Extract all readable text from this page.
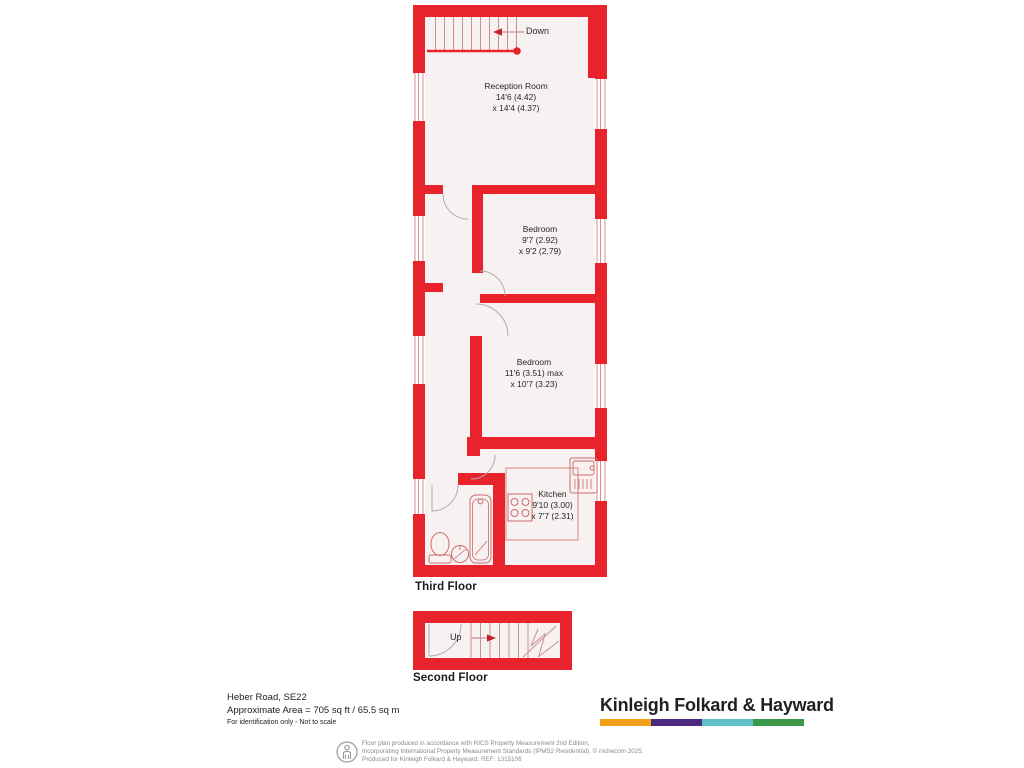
Down
Reception Room
14'6 (4.42)
x 14'4 (4.37)
Bedroom
9'7 (2.92)
x 9'2 (2.79)
Bedroom
11'6 (3.51) max
x 10'7 (3.23)
Kitchen
9'10 (3.00)
x 7'7 (2.31)
Third Floor
Up
Second Floor
Heber Road, SE22
Approximate Area = 705 sq ft / 65.5 sq m
For identification only - Not to scale
Kinleigh Folkard & Hayward
Floor plan produced in accordance with RICS Property Measurement 2nd Edition,
Incorporating International Property Measurement Standards (IPMS2 Residential). © nichecom 2025.
Produced for Kinleigh Folkard & Hayward. REF: 1315106
